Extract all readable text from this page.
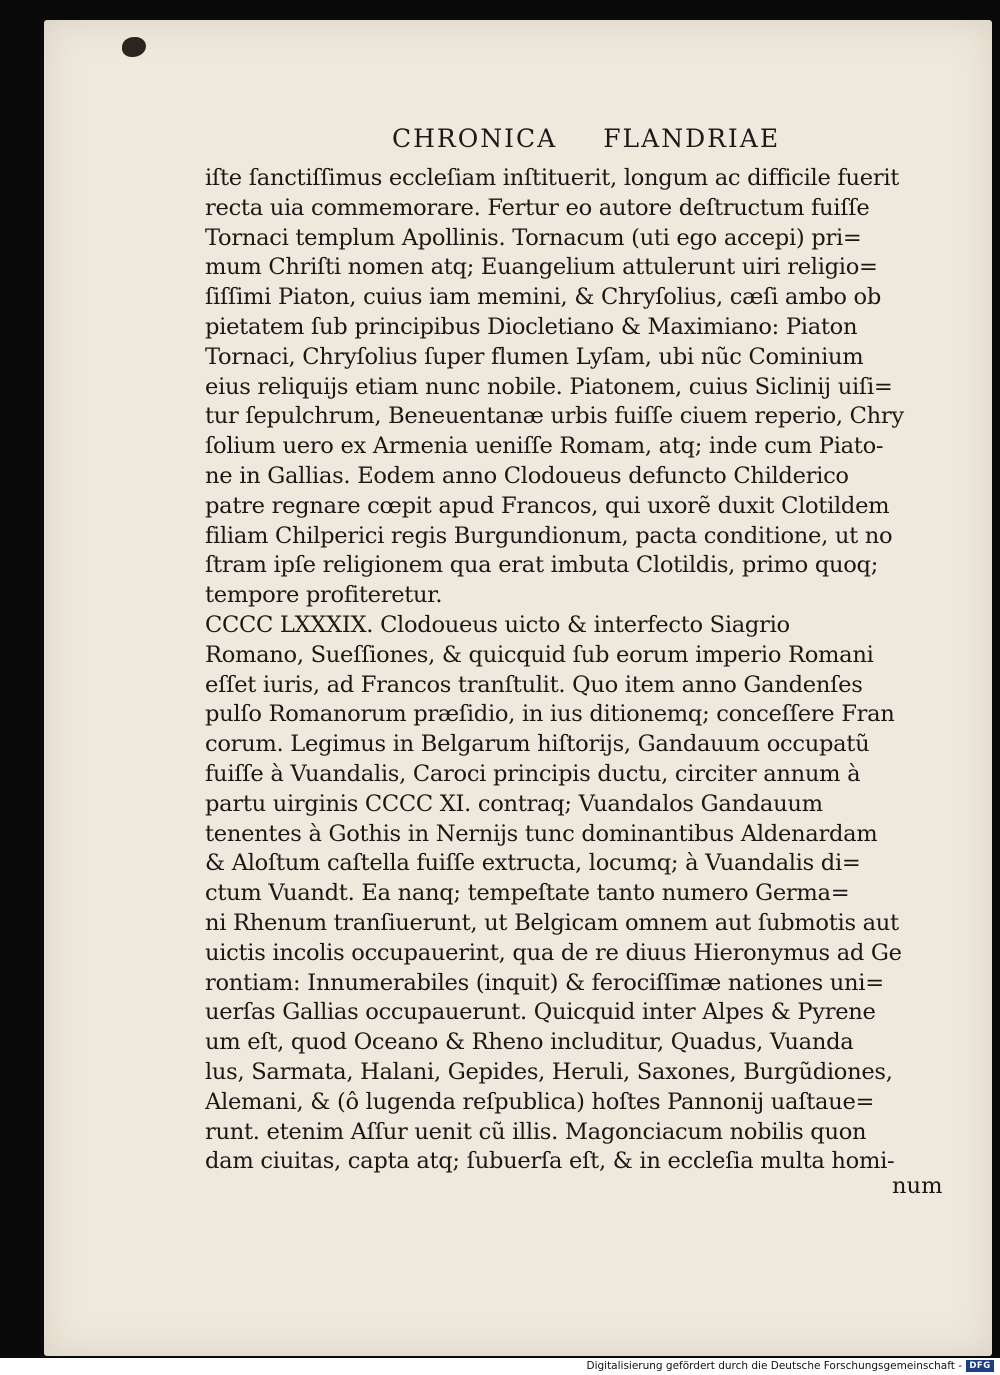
CHRONICA FLANDRIAE
iſte ſanctiſſimus eccleſiam inſtituerit, longum ac difficile fuerit
recta uia commemorare. Fertur eo autore deſtructum fuiſſe
Tornaci templum Apollinis. Tornacum (uti ego accepi) pri=
mum Chriſti nomen atq; Euangelium attulerunt uiri religio=
ſiſſimi Piaton, cuius iam memini, & Chryſolius, cæſi ambo ob
pietatem ſub principibus Diocletiano & Maximiano: Piaton
Tornaci, Chryſolius ſuper flumen Lyſam, ubi nũc Cominium
eius reliquijs etiam nunc nobile. Piatonem, cuius Siclinij uiſi=
tur ſepulchrum, Beneuentanæ urbis fuiſſe ciuem reperio, Chry
ſolium uero ex Armenia ueniſſe Romam, atq; inde cum Piato-
ne in Gallias. Eodem anno Clodoueus defuncto Childerico
patre regnare cœpit apud Francos, qui uxorẽ duxit Clotildem
filiam Chilperici regis Burgundionum, pacta conditione, ut no
ſtram ipſe religionem qua erat imbuta Clotildis, primo quoq;
tempore profiteretur.
CCCC LXXXIX. Clodoueus uicto & interfecto Siagrio
Romano, Sueſſiones, & quicquid ſub eorum imperio Romani
eſſet iuris, ad Francos tranſtulit. Quo item anno Gandenſes
pulſo Romanorum præſidio, in ius ditionemq; conceſſere Fran
corum. Legimus in Belgarum hiſtorijs, Gandauum occupatũ
fuiſſe à Vuandalis, Caroci principis ductu, circiter annum à
partu uirginis CCCC XI. contraq; Vuandalos Gandauum
tenentes à Gothis in Nernijs tunc dominantibus Aldenardam
& Aloſtum caſtella fuiſſe extructa, locumq; à Vuandalis di=
ctum Vuandt. Ea nanq; tempeſtate tanto numero Germa=
ni Rhenum tranſiuerunt, ut Belgicam omnem aut ſubmotis aut
uictis incolis occupauerint, qua de re diuus Hieronymus ad Ge
rontiam: Innumerabiles (inquit) & ferociſſimæ nationes uni=
uerſas Gallias occupauerunt. Quicquid inter Alpes & Pyrene
um eſt, quod Oceano & Rheno includitur, Quadus, Vuanda
lus, Sarmata, Halani, Gepides, Heruli, Saxones, Burgũdiones,
Alemani, & (ô lugenda reſpublica) hoſtes Pannonij uaſtaue=
runt. etenim Aſſur uenit cũ illis. Magonciacum nobilis quon
dam ciuitas, capta atq; ſubuerſa eſt, & in eccleſia multa homi-
num
Digitalisierung gefördert durch die Deutsche Forschungsgemeinschaft - DFG
